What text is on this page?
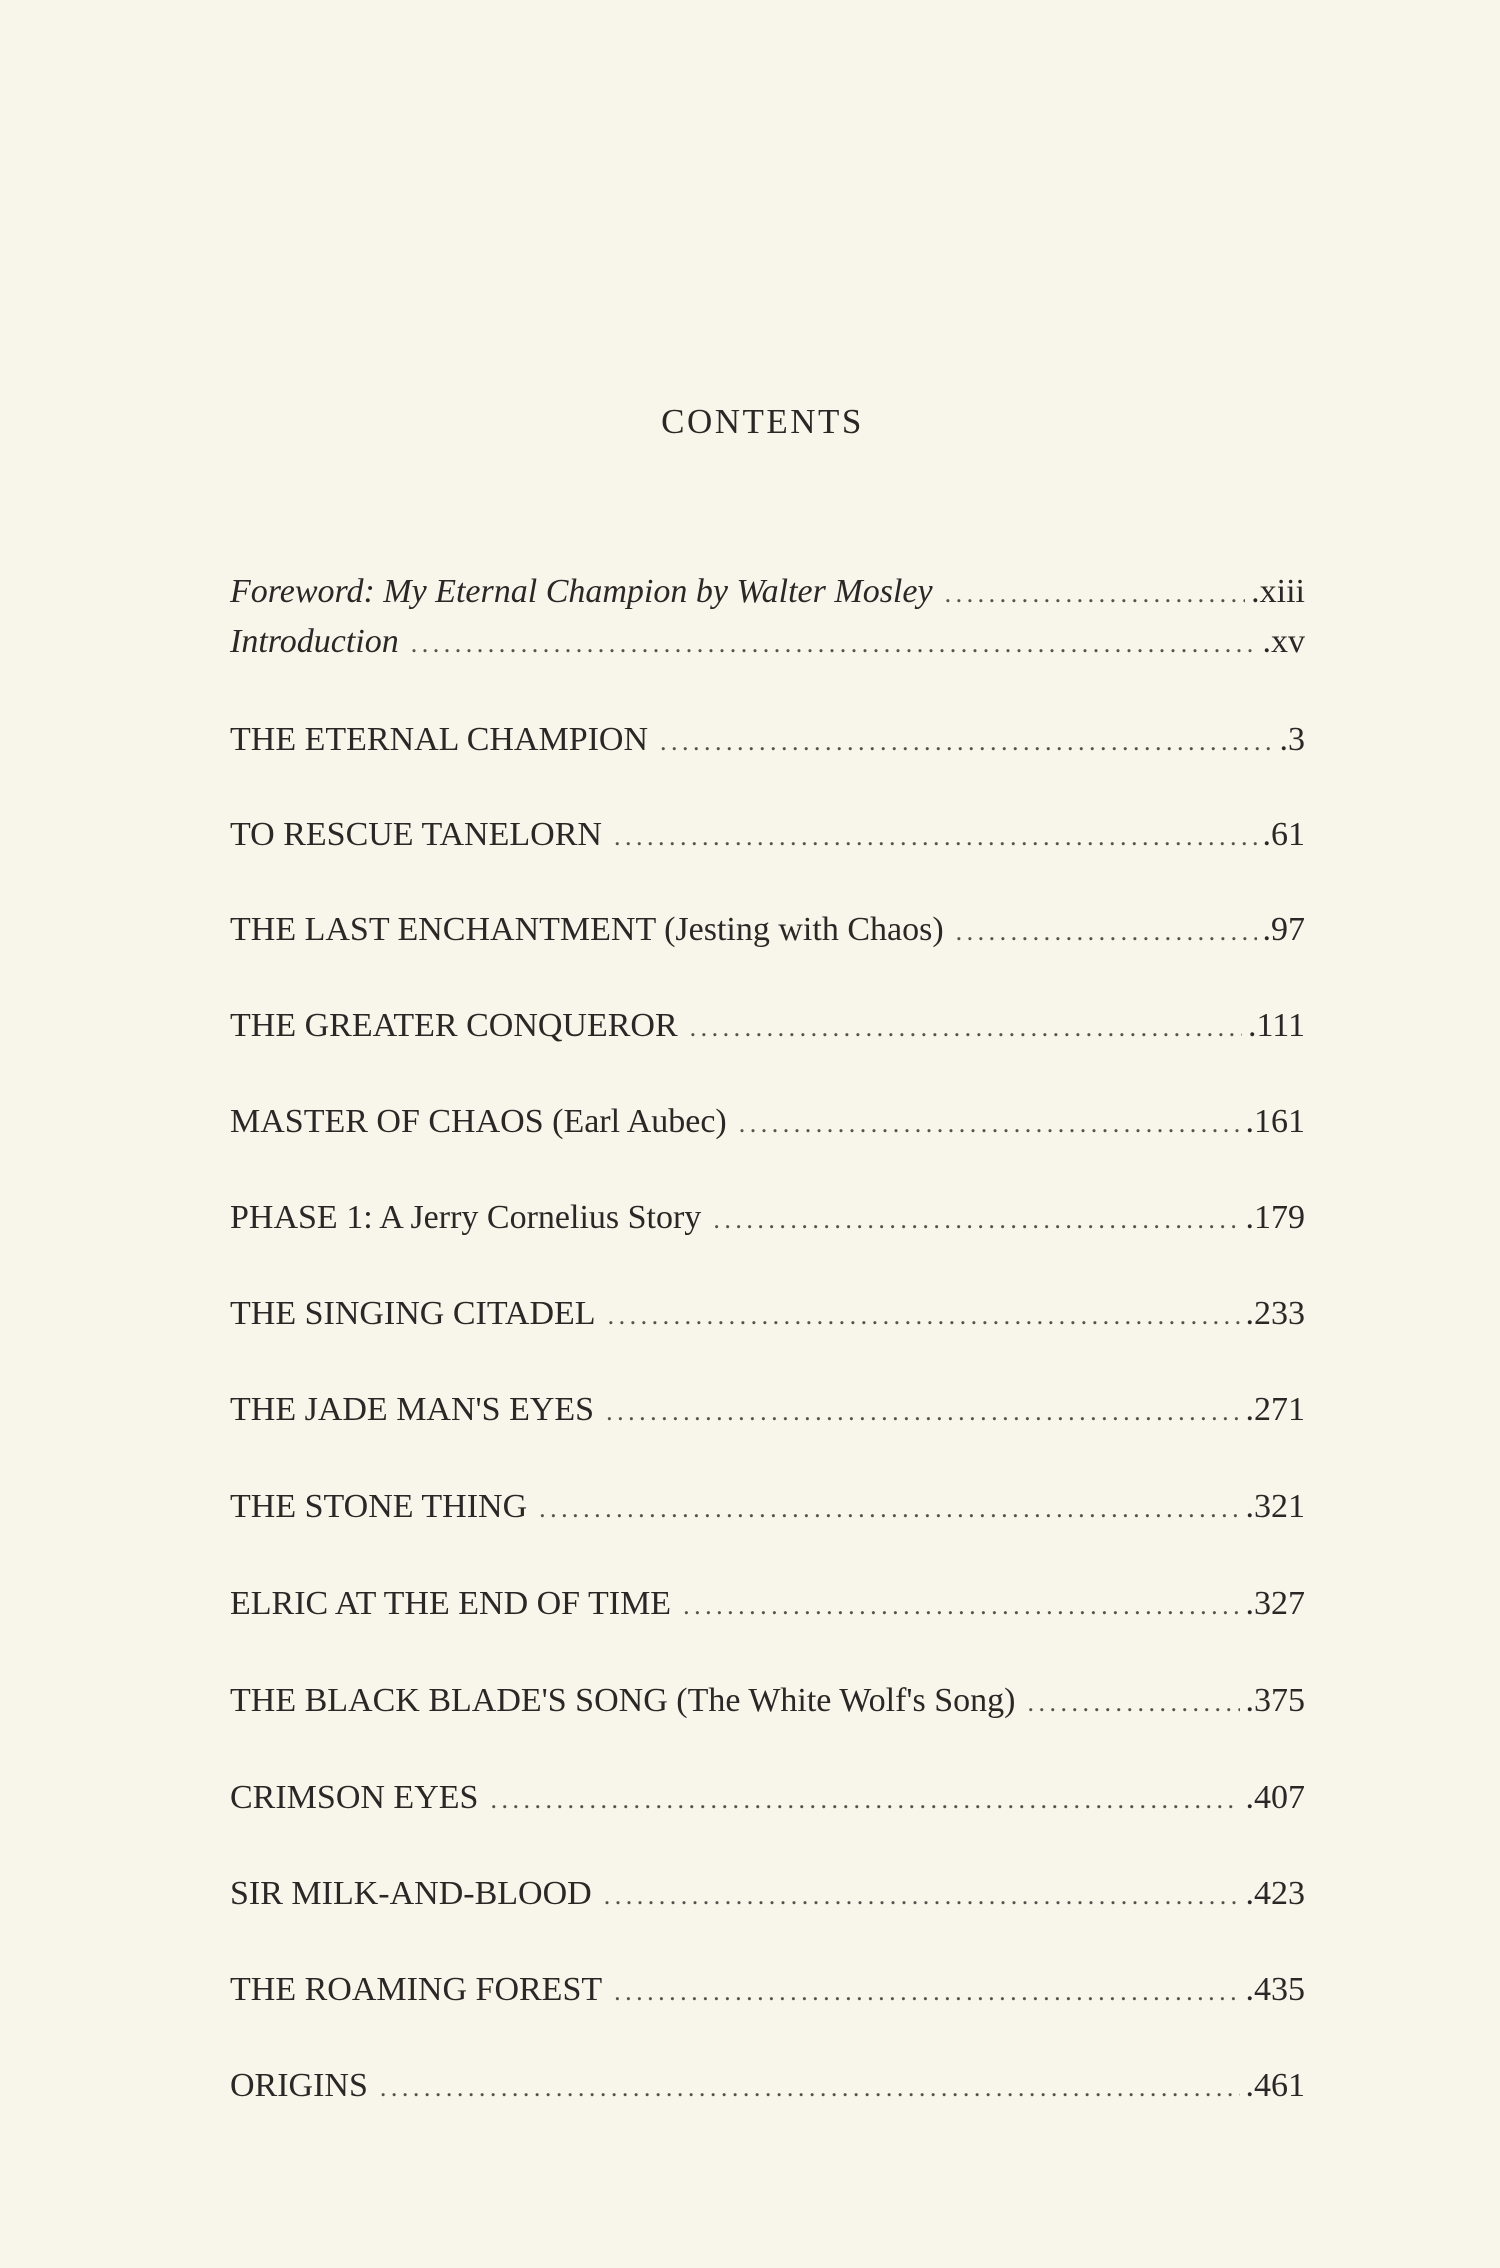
CONTENTS
Foreword: My Eternal Champion by Walter Mosley . . .	.xiii
Introduction . . .	.xv
THE ETERNAL CHAMPION . . .	.3
TO RESCUE TANELORN . . .	.61
THE LAST ENCHANTMENT (Jesting with Chaos) . . .	.97
THE GREATER CONQUEROR . . .	.111
MASTER OF CHAOS (Earl Aubec) . . .	.161
PHASE 1: A Jerry Cornelius Story . . .	.179
THE SINGING CITADEL . . .	.233
THE JADE MAN'S EYES . . .	.271
THE STONE THING . . .	.321
ELRIC AT THE END OF TIME . . .	.327
THE BLACK BLADE'S SONG (The White Wolf's Song) . . .	.375
CRIMSON EYES . . .	.407
SIR MILK-AND-BLOOD . . .	.423
THE ROAMING FOREST . . .	.435
ORIGINS . . .	.461
